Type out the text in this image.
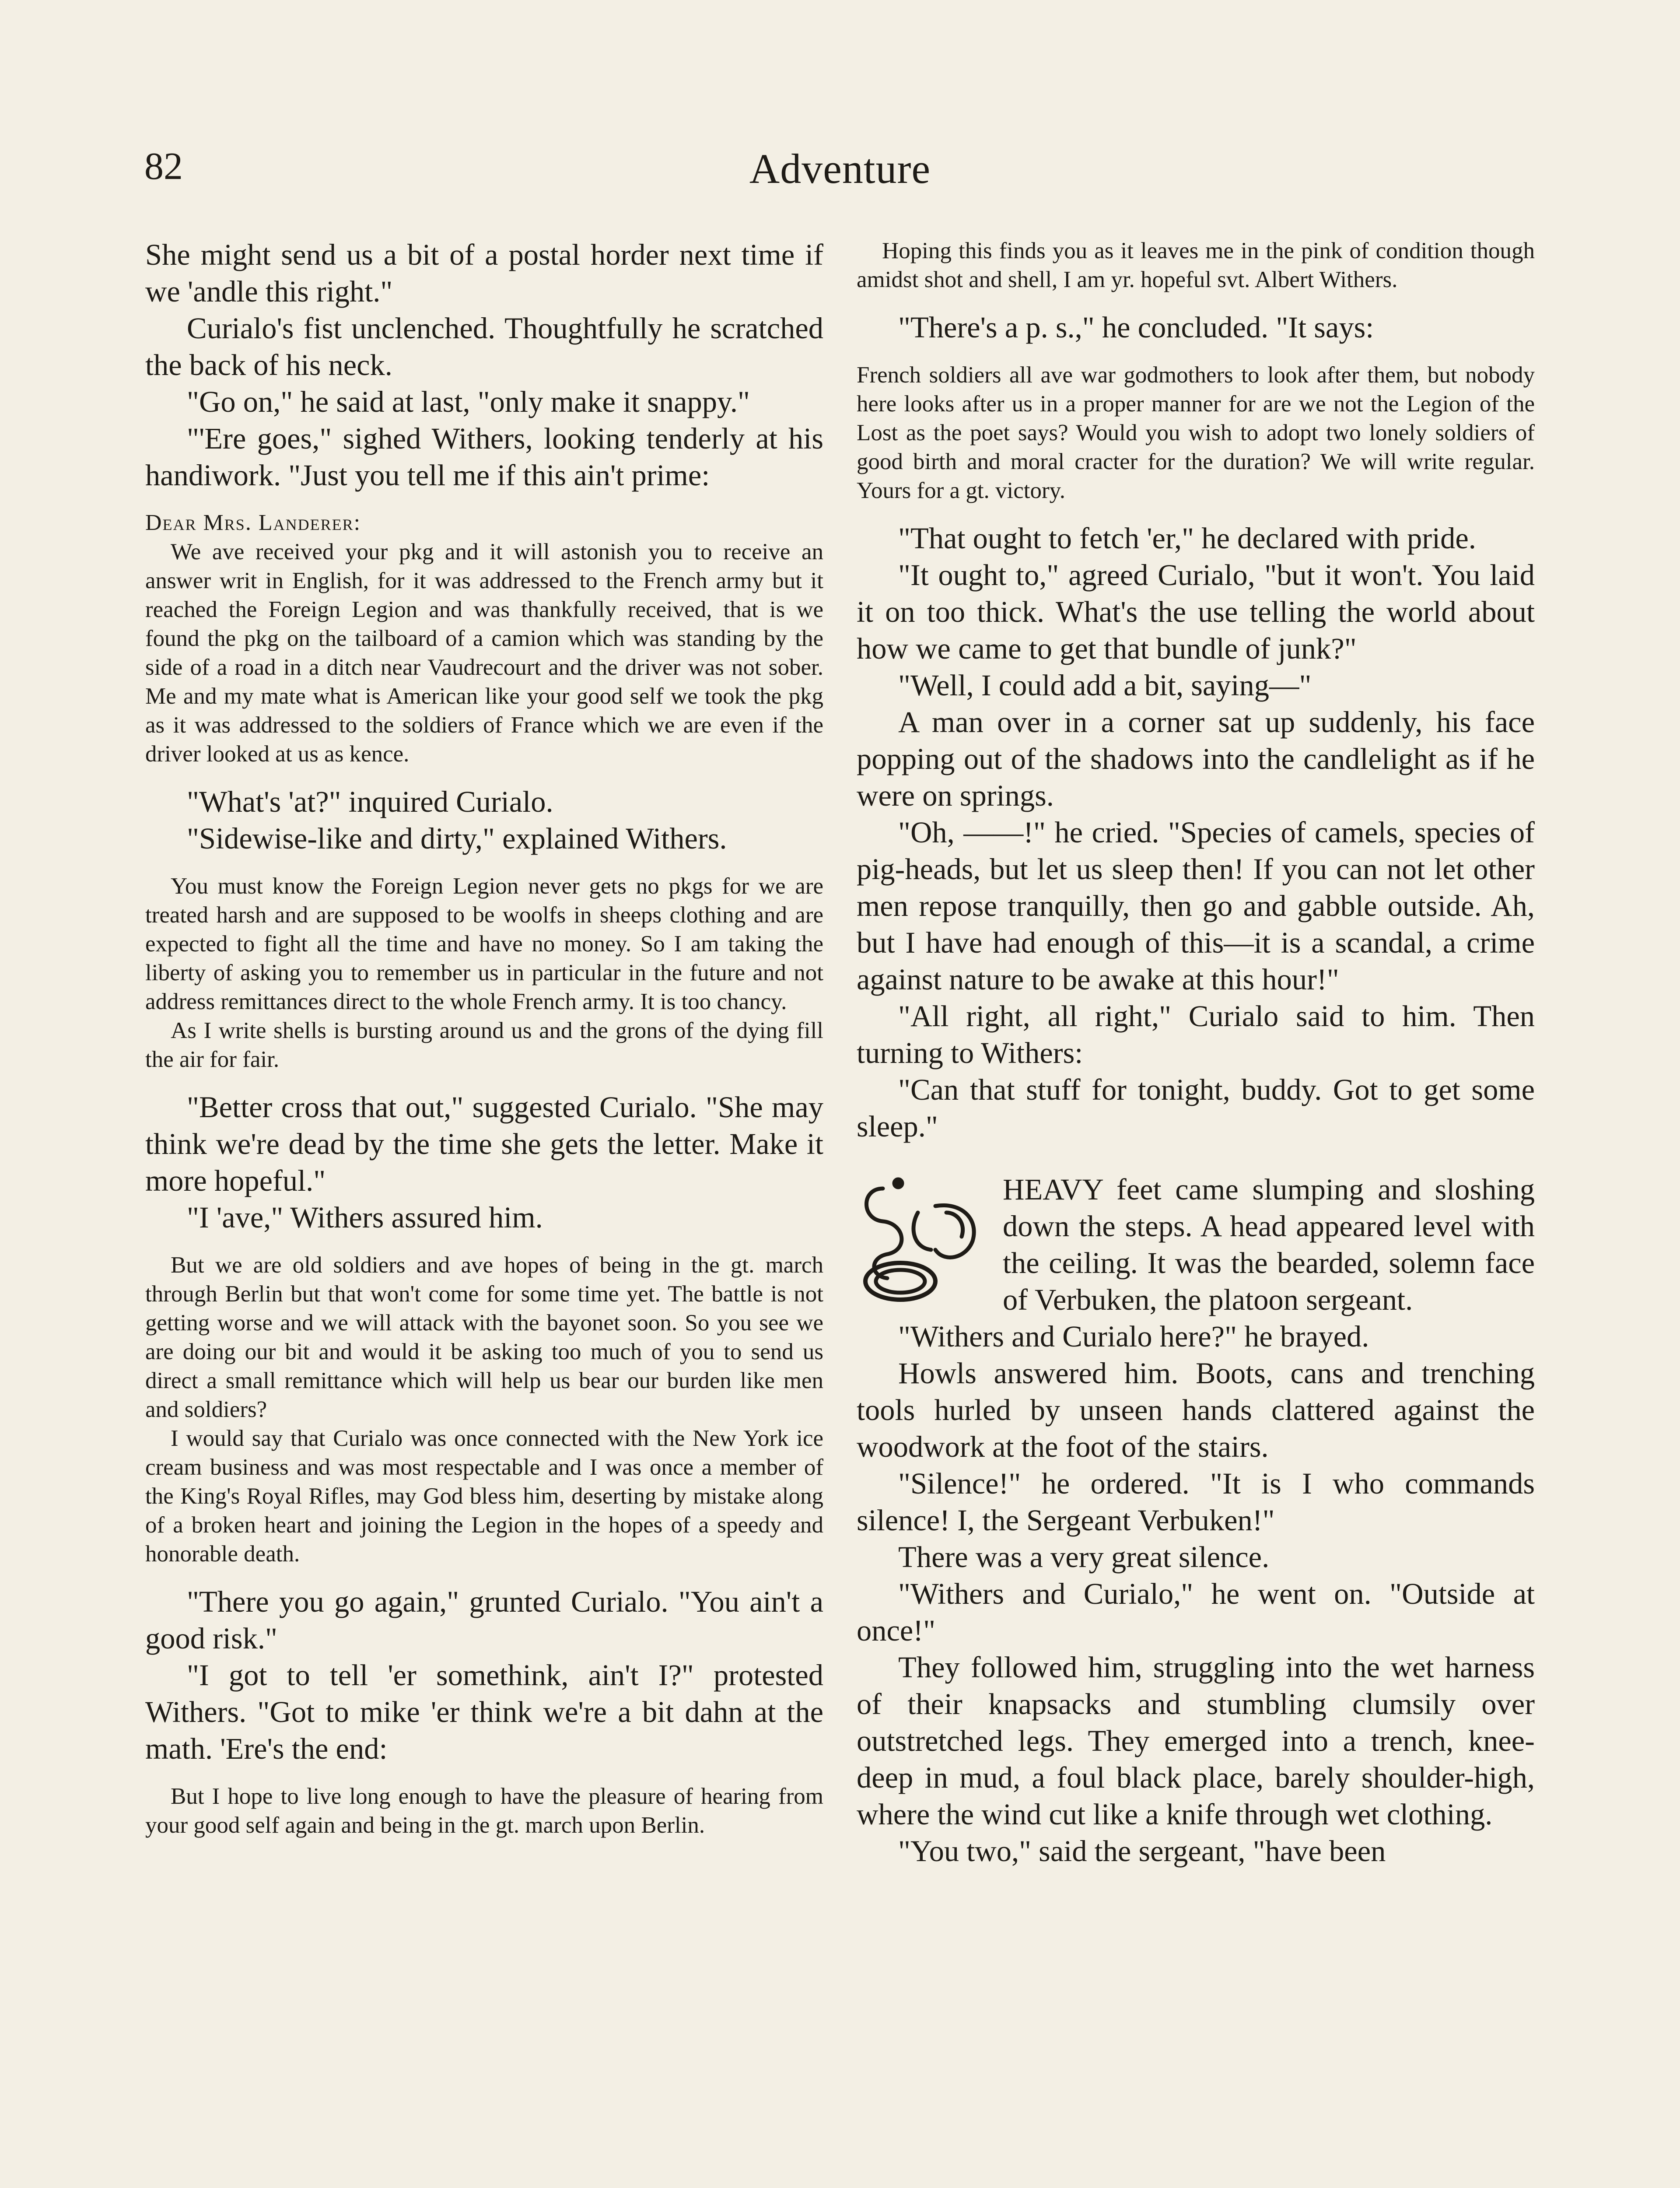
82	Adventure

She might send us a bit of a postal horder next time if we 'andle this right."

Curialo's fist unclenched. Thoughtfully he scratched the back of his neck.

"Go on," he said at last, "only make it snappy."

"'Ere goes," sighed Withers, looking tenderly at his handiwork. "Just you tell me if this ain't prime:

Dear Mrs. Landerer:

We ave received your pkg and it will astonish you to receive an answer writ in English, for it was addressed to the French army but it reached the Foreign Legion and was thankfully received, that is we found the pkg on the tailboard of a camion which was standing by the side of a road in a ditch near Vaudrecourt and the driver was not sober. Me and my mate what is American like your good self we took the pkg as it was addressed to the soldiers of France which we are even if the driver looked at us as kence.

"What's 'at?" inquired Curialo.

"Sidewise-like and dirty," explained Withers.

You must know the Foreign Legion never gets no pkgs for we are treated harsh and are supposed to be woolfs in sheeps clothing and are expected to fight all the time and have no money. So I am taking the liberty of asking you to remember us in particular in the future and not address remittances direct to the whole French army. It is too chancy.

As I write shells is bursting around us and the grons of the dying fill the air for fair.

"Better cross that out," suggested Curialo. "She may think we're dead by the time she gets the letter. Make it more hopeful."

"I 'ave," Withers assured him.

But we are old soldiers and ave hopes of being in the gt. march through Berlin but that won't come for some time yet. The battle is not getting worse and we will attack with the bayonet soon. So you see we are doing our bit and would it be asking too much of you to send us direct a small remittance which will help us bear our burden like men and soldiers?

I would say that Curialo was once connected with the New York ice cream business and was most respectable and I was once a member of the King's Royal Rifles, may God bless him, deserting by mistake along of a broken heart and joining the Legion in the hopes of a speedy and honorable death.

"There you go again," grunted Curialo. "You ain't a good risk."

"I got to tell 'er somethink, ain't I?" protested Withers. "Got to mike 'er think we're a bit dahn at the math. 'Ere's the end:

But I hope to live long enough to have the pleasure of hearing from your good self again and being in the gt. march upon Berlin.

Hoping this finds you as it leaves me in the pink of condition though amidst shot and shell, I am yr. hopeful svt. Albert Withers.

"There's a p. s.," he concluded. "It says:

French soldiers all ave war godmothers to look after them, but nobody here looks after us in a proper manner for are we not the Legion of the Lost as the poet says? Would you wish to adopt two lonely soldiers of good birth and moral cracter for the duration? We will write regular. Yours for a gt. victory.

"That ought to fetch 'er," he declared with pride.

"It ought to," agreed Curialo, "but it won't. You laid it on too thick. What's the use telling the world about how we came to get that bundle of junk?"

"Well, I could add a bit, saying—"

A man over in a corner sat up suddenly, his face popping out of the shadows into the candlelight as if he were on springs.

"Oh, ——!" he cried. "Species of camels, species of pig-heads, but let us sleep then! If you can not let other men repose tranquilly, then go and gabble outside. Ah, but I have had enough of this—it is a scandal, a crime against nature to be awake at this hour!"

"All right, all right," Curialo said to him. Then turning to Withers:

"Can that stuff for tonight, buddy. Got to get some sleep."

HEAVY feet came slumping and sloshing down the steps. A head appeared level with the ceiling. It was the bearded, solemn face of Verbuken, the platoon sergeant.

"Withers and Curialo here?" he brayed.

Howls answered him. Boots, cans and trenching tools hurled by unseen hands clattered against the woodwork at the foot of the stairs.

"Silence!" he ordered. "It is I who commands silence! I, the Sergeant Verbuken!"

There was a very great silence.

"Withers and Curialo," he went on. "Outside at once!"

They followed him, struggling into the wet harness of their knapsacks and stumbling clumsily over outstretched legs. They emerged into a trench, knee-deep in mud, a foul black place, barely shoulder-high, where the wind cut like a knife through wet clothing.

"You two," said the sergeant, "have been
